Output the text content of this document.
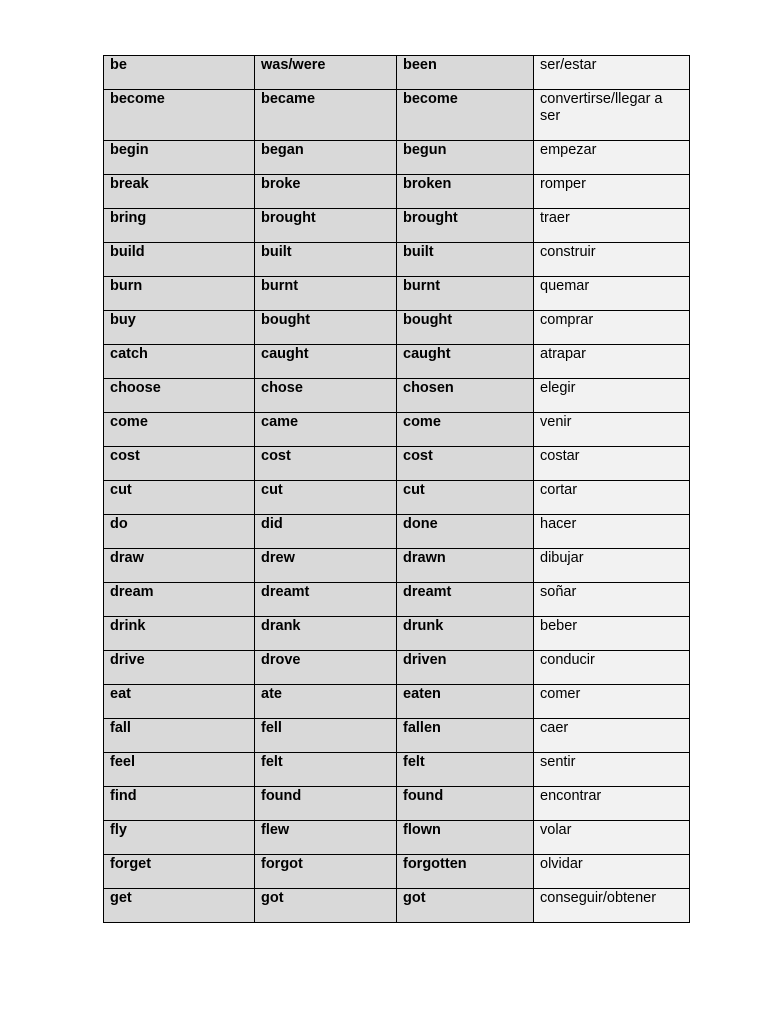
be	was/were	been	ser/estar
become	became	become	convertirse/llegar a ser
begin	began	begun	empezar
break	broke	broken	romper
bring	brought	brought	traer
build	built	built	construir
burn	burnt	burnt	quemar
buy	bought	bought	comprar
catch	caught	caught	atrapar
choose	chose	chosen	elegir
come	came	come	venir
cost	cost	cost	costar
cut	cut	cut	cortar
do	did	done	hacer
draw	drew	drawn	dibujar
dream	dreamt	dreamt	soñar
drink	drank	drunk	beber
drive	drove	driven	conducir
eat	ate	eaten	comer
fall	fell	fallen	caer
feel	felt	felt	sentir
find	found	found	encontrar
fly	flew	flown	volar
forget	forgot	forgotten	olvidar
get	got	got	conseguir/obtener
